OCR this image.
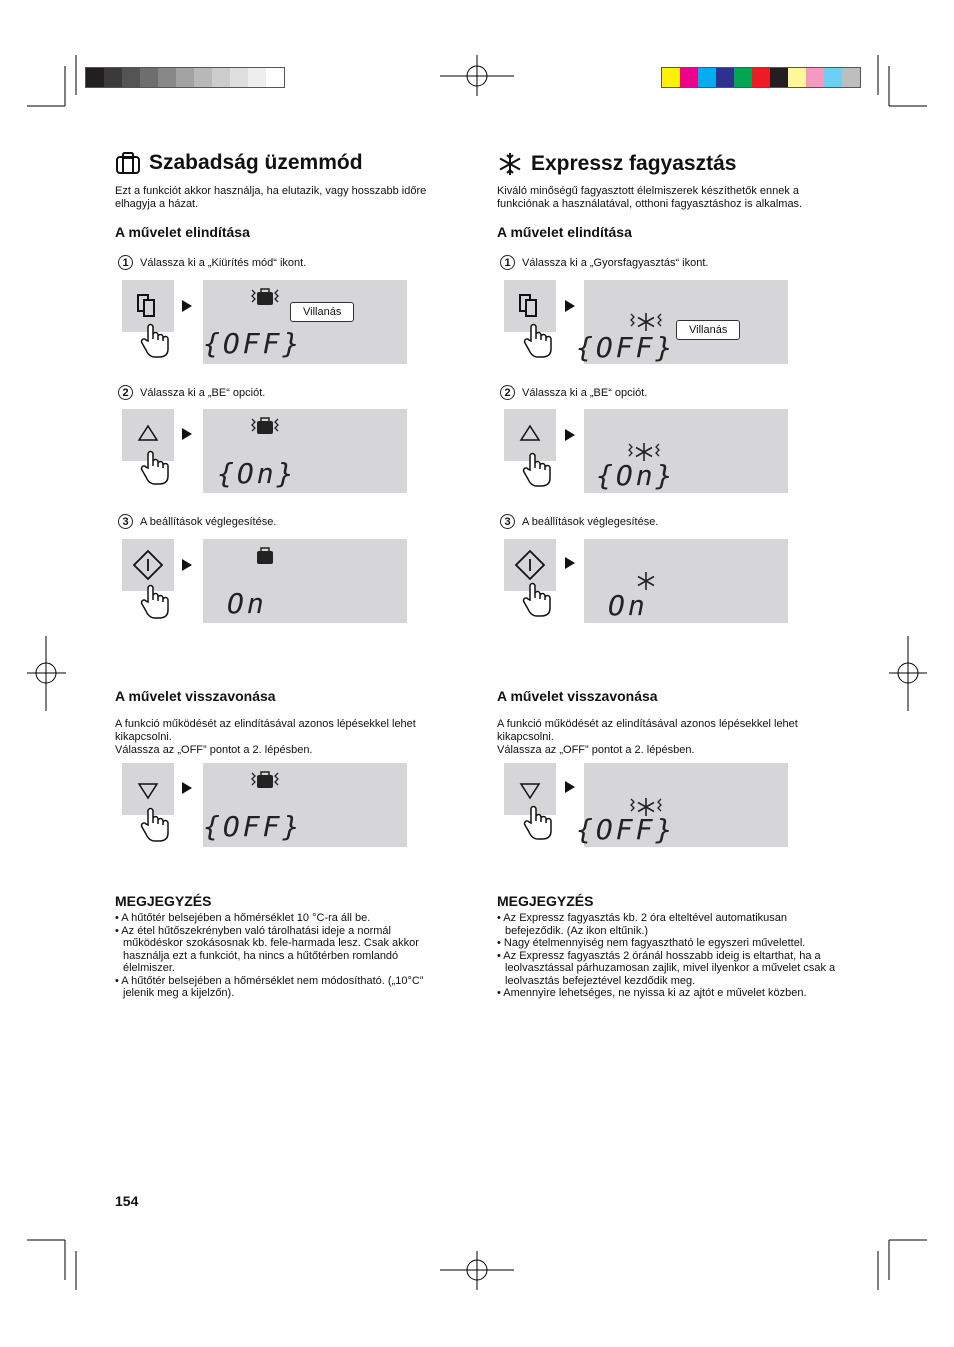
Szabadság üzemmód
Ezt a funkciót akkor használja, ha elutazik, vagy hosszabb időre elhagyja a házat.
A művelet elindítása
1	Válassza ki a „Kiürítés mód“ ikont.
Villanás
{OFF}
2	Válassza ki a „BE“ opciót.
{On}
3	A beállítások véglegesítése.
On
A művelet visszavonása
A funkció működését az elindításával azonos lépésekkel lehet kikapcsolni.
Válassza az „OFF” pontot a 2. lépésben.
{OFF}
MEGJEGYZÉS
• A hűtőtér belsejében a hőmérséklet 10 °C-ra áll be.
• Az étel hűtőszekrényben való tárolhatási ideje a normál működéskor szokásosnak kb. fele-harmada lesz. Csak akkor használja ezt a funkciót, ha nincs a hűtőtérben romlandó élelmiszer.
• A hűtőtér belsejében a hőmérséklet nem módosítható. („10°C” jelenik meg a kijelzőn).
Expressz fagyasztás
Kiváló minőségű fagyasztott élelmiszerek készíthetők ennek a funkciónak a használatával, otthoni fagyasztáshoz is alkalmas.
A művelet elindítása
1	Válassza ki a „Gyorsfagyasztás“ ikont.
Villanás
{OFF}
2	Válassza ki a „BE“ opciót.
{On}
3	A beállítások véglegesítése.
On
A művelet visszavonása
A funkció működését az elindításával azonos lépésekkel lehet kikapcsolni.
Válassza az „OFF” pontot a 2. lépésben.
{OFF}
MEGJEGYZÉS
• Az Expressz fagyasztás kb. 2 óra elteltével automatikusan befejeződik. (Az ikon eltűnik.)
• Nagy ételmennyiség nem fagyasztható le egyszeri művelettel.
• Az Expressz fagyasztás 2 óránál hosszabb ideig is eltarthat, ha a leolvasztással párhuzamosan zajlik, mivel ilyenkor a művelet csak a leolvasztás befejeztével kezdődik meg.
• Amennyire lehetséges, ne nyissa ki az ajtót e művelet közben.
154
